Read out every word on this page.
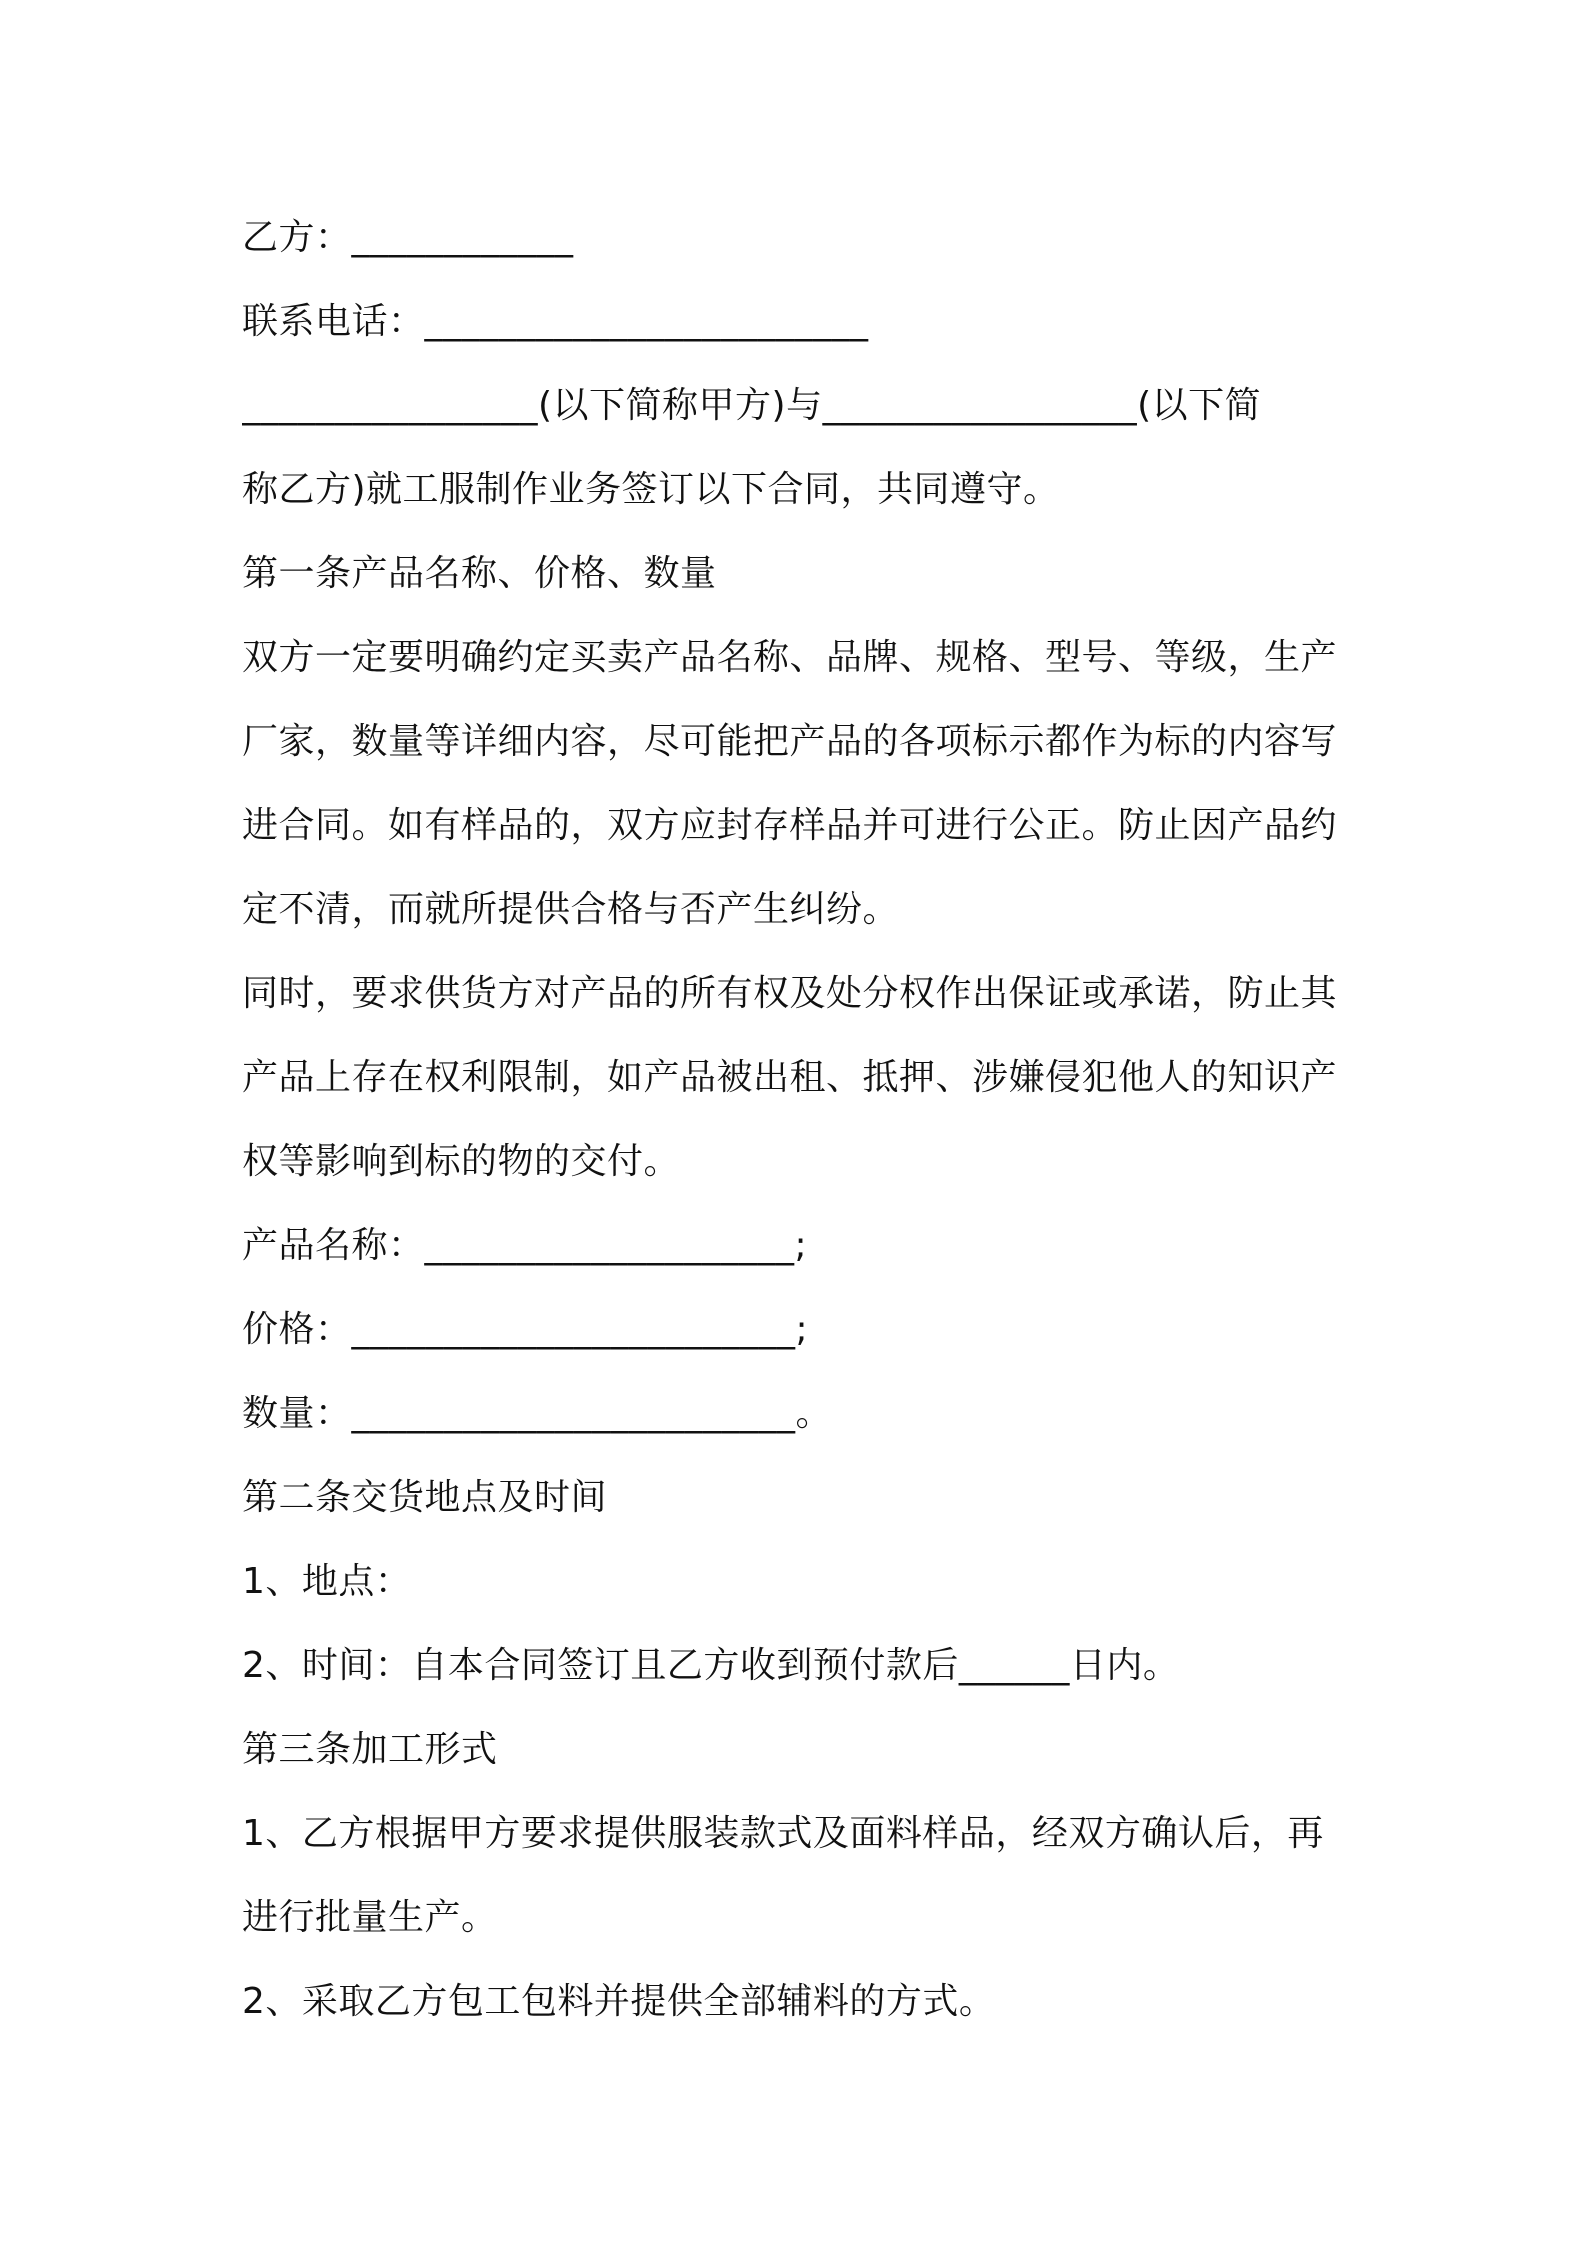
乙方：____________
联系电话：________________________
________________(以下简称甲方)与_________________(以下简
称乙方)就工服制作业务签订以下合同，共同遵守。
第一条产品名称、价格、数量
双方一定要明确约定买卖产品名称、品牌、规格、型号、等级，生产
厂家，数量等详细内容，尽可能把产品的各项标示都作为标的内容写
进合同。如有样品的，双方应封存样品并可进行公正。防止因产品约
定不清，而就所提供合格与否产生纠纷。
同时，要求供货方对产品的所有权及处分权作出保证或承诺，防止其
产品上存在权利限制，如产品被出租、抵押、涉嫌侵犯他人的知识产
权等影响到标的物的交付。
产品名称：____________________;
价格：________________________;
数量：________________________。
第二条交货地点及时间
1、地点：
2、时间：自本合同签订且乙方收到预付款后______日内。
第三条加工形式
1、乙方根据甲方要求提供服装款式及面料样品，经双方确认后，再
进行批量生产。
2、采取乙方包工包料并提供全部辅料的方式。
